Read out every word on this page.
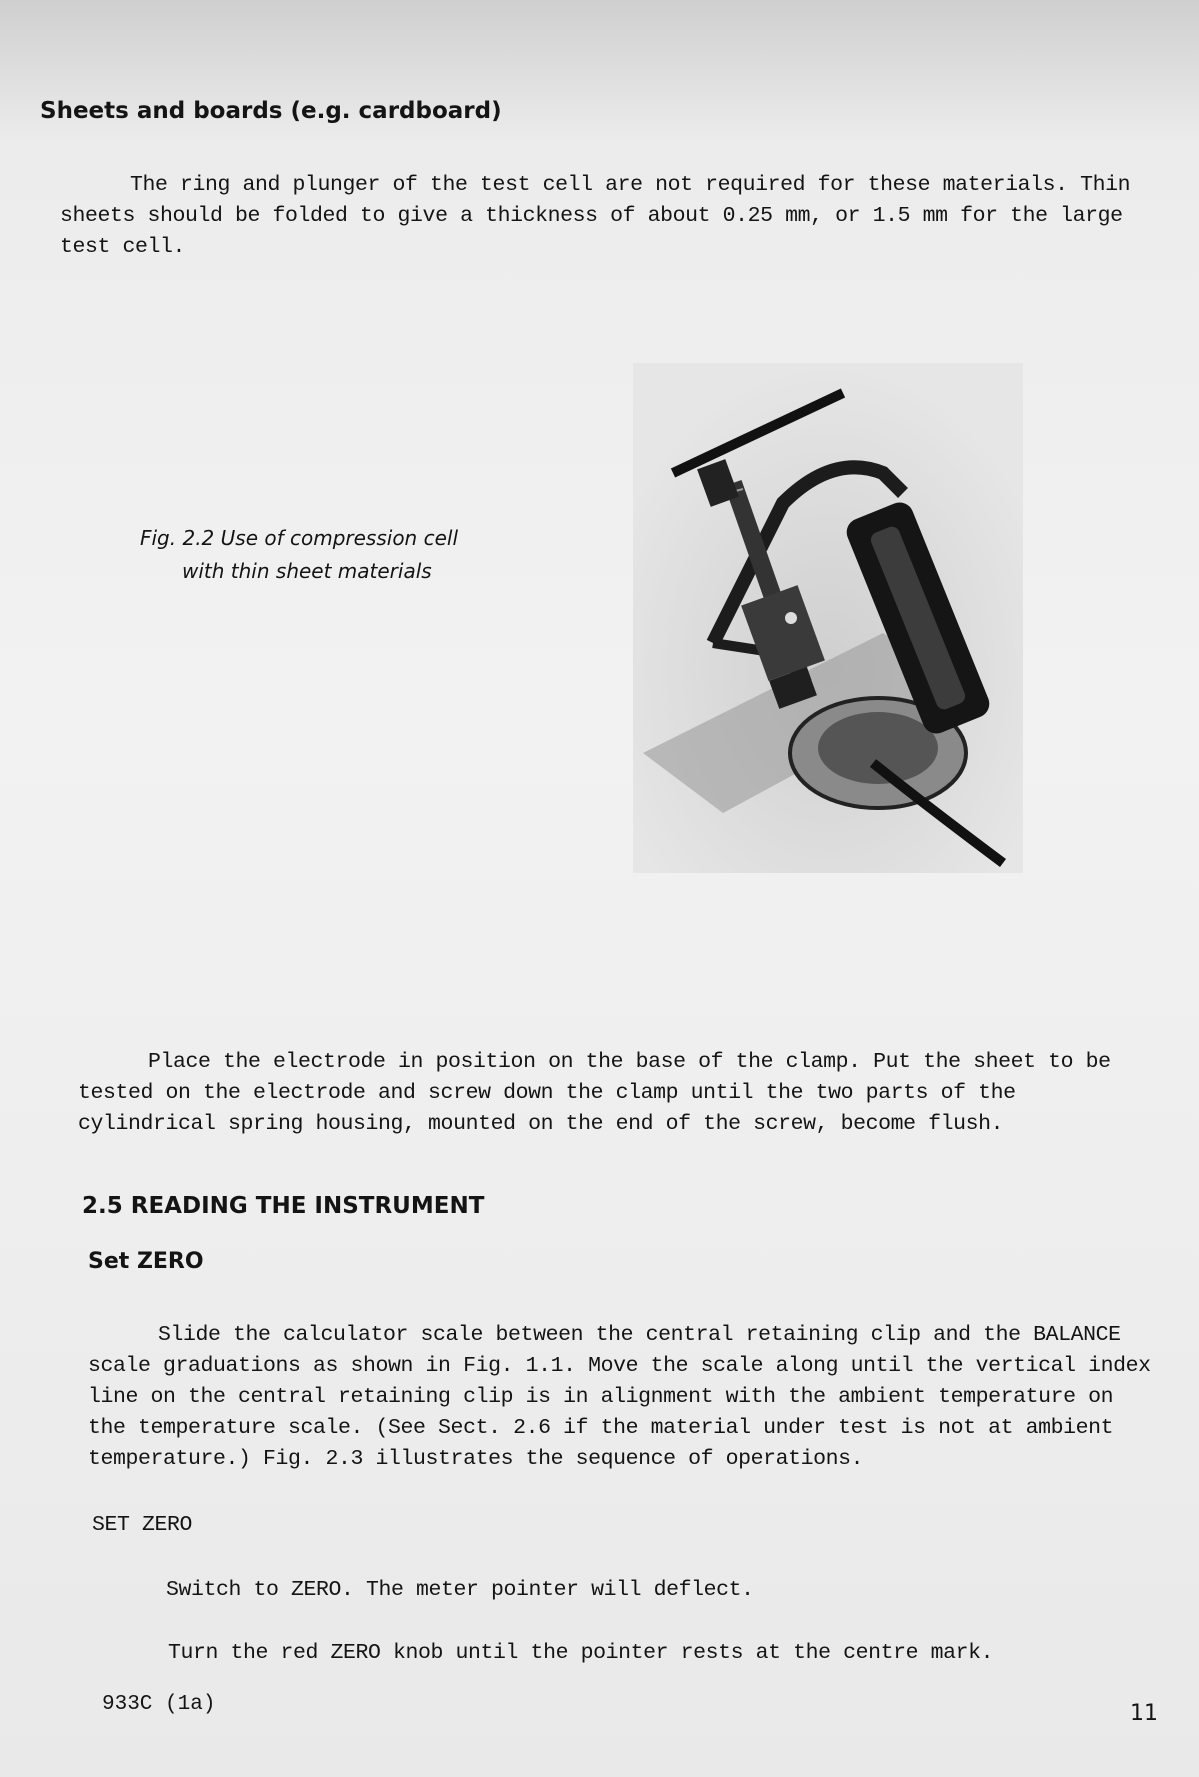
Sheets and boards (e.g. cardboard)

The ring and plunger of the test cell are not required for these materials. Thin sheets should be folded to give a thickness of about 0.25 mm, or 1.5 mm for the large test cell.

Fig. 2.2 Use of compression cell
with thin sheet materials

Place the electrode in position on the base of the clamp. Put the sheet to be tested on the electrode and screw down the clamp until the two parts of the cylindrical spring housing, mounted on the end of the screw, become flush.

2.5 READING THE INSTRUMENT
Set ZERO

Slide the calculator scale between the central retaining clip and the BALANCE scale graduations as shown in Fig. 1.1. Move the scale along until the vertical index line on the central retaining clip is in alignment with the ambient temperature on the temperature scale. (See Sect. 2.6 if the material under test is not at ambient temperature.) Fig. 2.3 illustrates the sequence of operations.

SET ZERO
Switch to ZERO. The meter pointer will deflect.
Turn the red ZERO knob until the pointer rests at the centre mark.
933C (1a)	11
